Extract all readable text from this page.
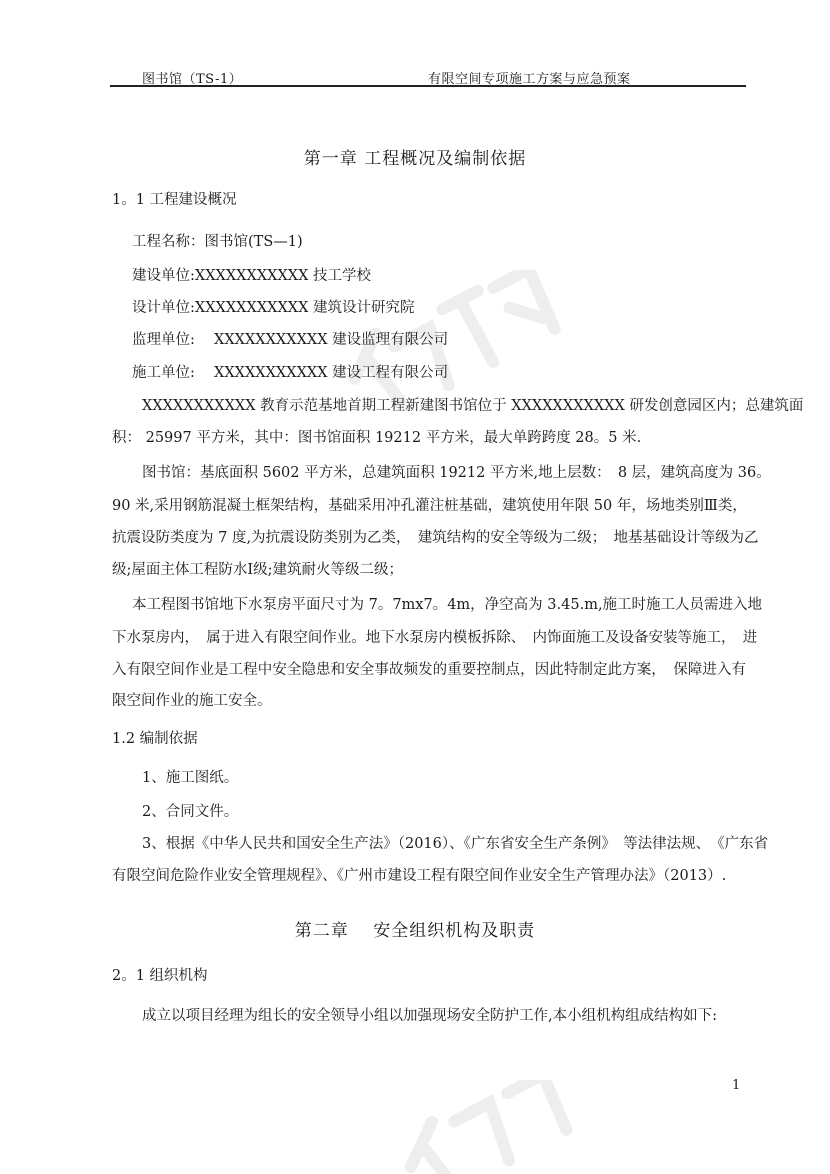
图书馆（TS-1）	有限空间专项施工方案与应急预案
第一章 工程概况及编制依据
1。1 工程建设概况
工程名称：图书馆(TS—1)
建设单位:XXXXXXXXXXX 技工学校
设计单位:XXXXXXXXXXX 建筑设计研究院
监理单位:　 XXXXXXXXXXX 建设监理有限公司
施工单位:　 XXXXXXXXXXX 建设工程有限公司
XXXXXXXXXXX 教育示范基地首期工程新建图书馆位于 XXXXXXXXXXX 研发创意园区内；总建筑面
积： 25997 平方米，其中：图书馆面积 19212 平方米，最大单跨跨度 28。5 米.
图书馆：基底面积 5602 平方米，总建筑面积 19212 平方米,地上层数：　8 层，建筑高度为 36。
90 米,采用钢筋混凝土框架结构，基础采用冲孔灌注桩基础，建筑使用年限 50 年，场地类别Ⅲ类，
抗震设防类度为 7 度,为抗震设防类别为乙类，　建筑结构的安全等级为二级；　地基基础设计等级为乙
级;屋面主体工程防水Ⅰ级;建筑耐火等级二级；
本工程图书馆地下水泵房平面尺寸为 7。7mx7。4m，净空高为 3.45.m,施工时施工人员需进入地
下水泵房内，　属于进入有限空间作业。地下水泵房内模板拆除、　内饰面施工及设备安装等施工，　进
入有限空间作业是工程中安全隐患和安全事故频发的重要控制点，因此特制定此方案，　保障进入有
限空间作业的施工安全。
1.2 编制依据
1、施工图纸。
2、合同文件。
3、根据《中华人民共和国安全生产法》（2016）、《广东省安全生产条例》　等法律法规、　《广东省
有限空间危险作业安全管理规程》、《广州市建设工程有限空间作业安全生产管理办法》（2013）.
第二章　 安全组织机构及职责
2。1 组织机构
成立以项目经理为组长的安全领导小组以加强现场安全防护工作,本小组机构组成结构如下:
1
